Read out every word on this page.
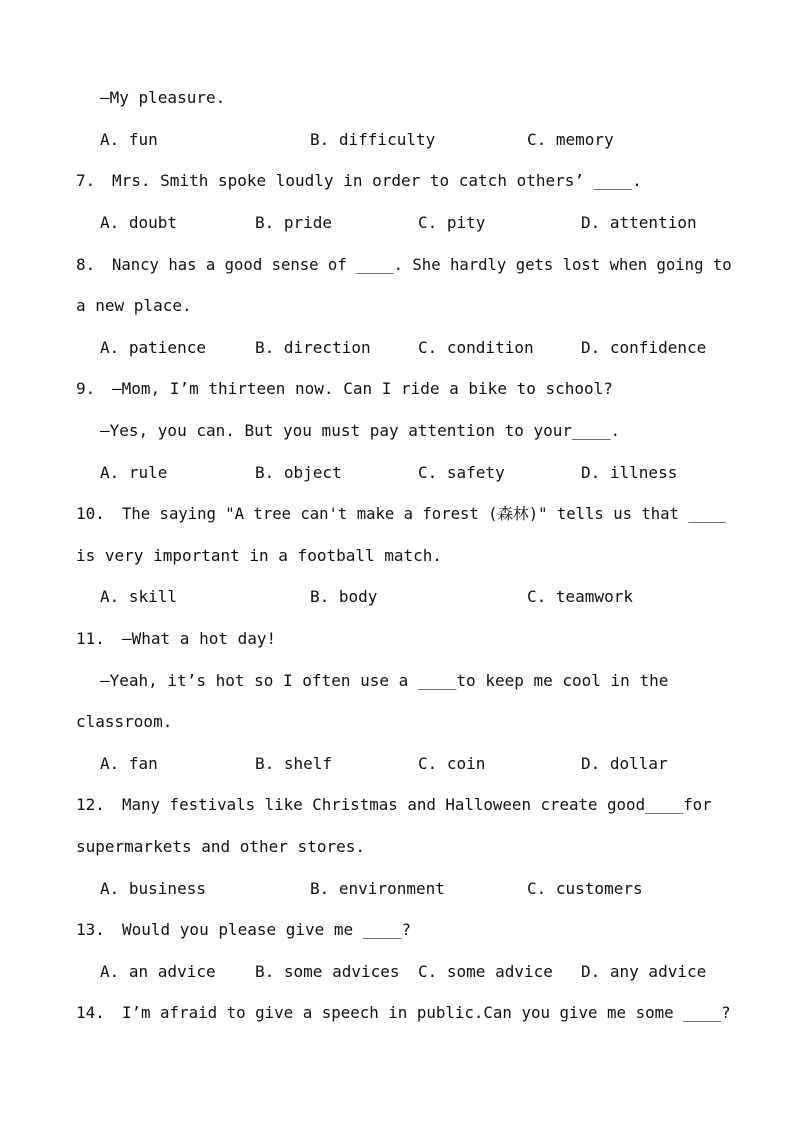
—My pleasure.
A. fun	B. difficulty	C. memory
7. Mrs. Smith spoke loudly in order to catch others’ ____.
A. doubt	B. pride	C. pity	D. attention
8. Nancy has a good sense of ____. She hardly gets lost when going to
a new place.
A. patience	B. direction	C. condition	D. confidence
9. —Mom, I’m thirteen now. Can I ride a bike to school?
—Yes, you can. But you must pay attention to your____.
A. rule	B. object	C. safety	D. illness
10. The saying "A tree can't make a forest (森林)" tells us that ____
is very important in a football match.
A. skill	B. body	C. teamwork
11. —What a hot day!
—Yeah, it’s hot so I often use a ____to keep me cool in the
classroom.
A. fan	B. shelf	C. coin	D. dollar
12. Many festivals like Christmas and Halloween create good____for
supermarkets and other stores.
A. business	B. environment	C. customers
13. Would you please give me ____?
A. an advice B. some advices C. some advice D. any advice
14. I’m afraid to give a speech in public.Can you give me some ____?
